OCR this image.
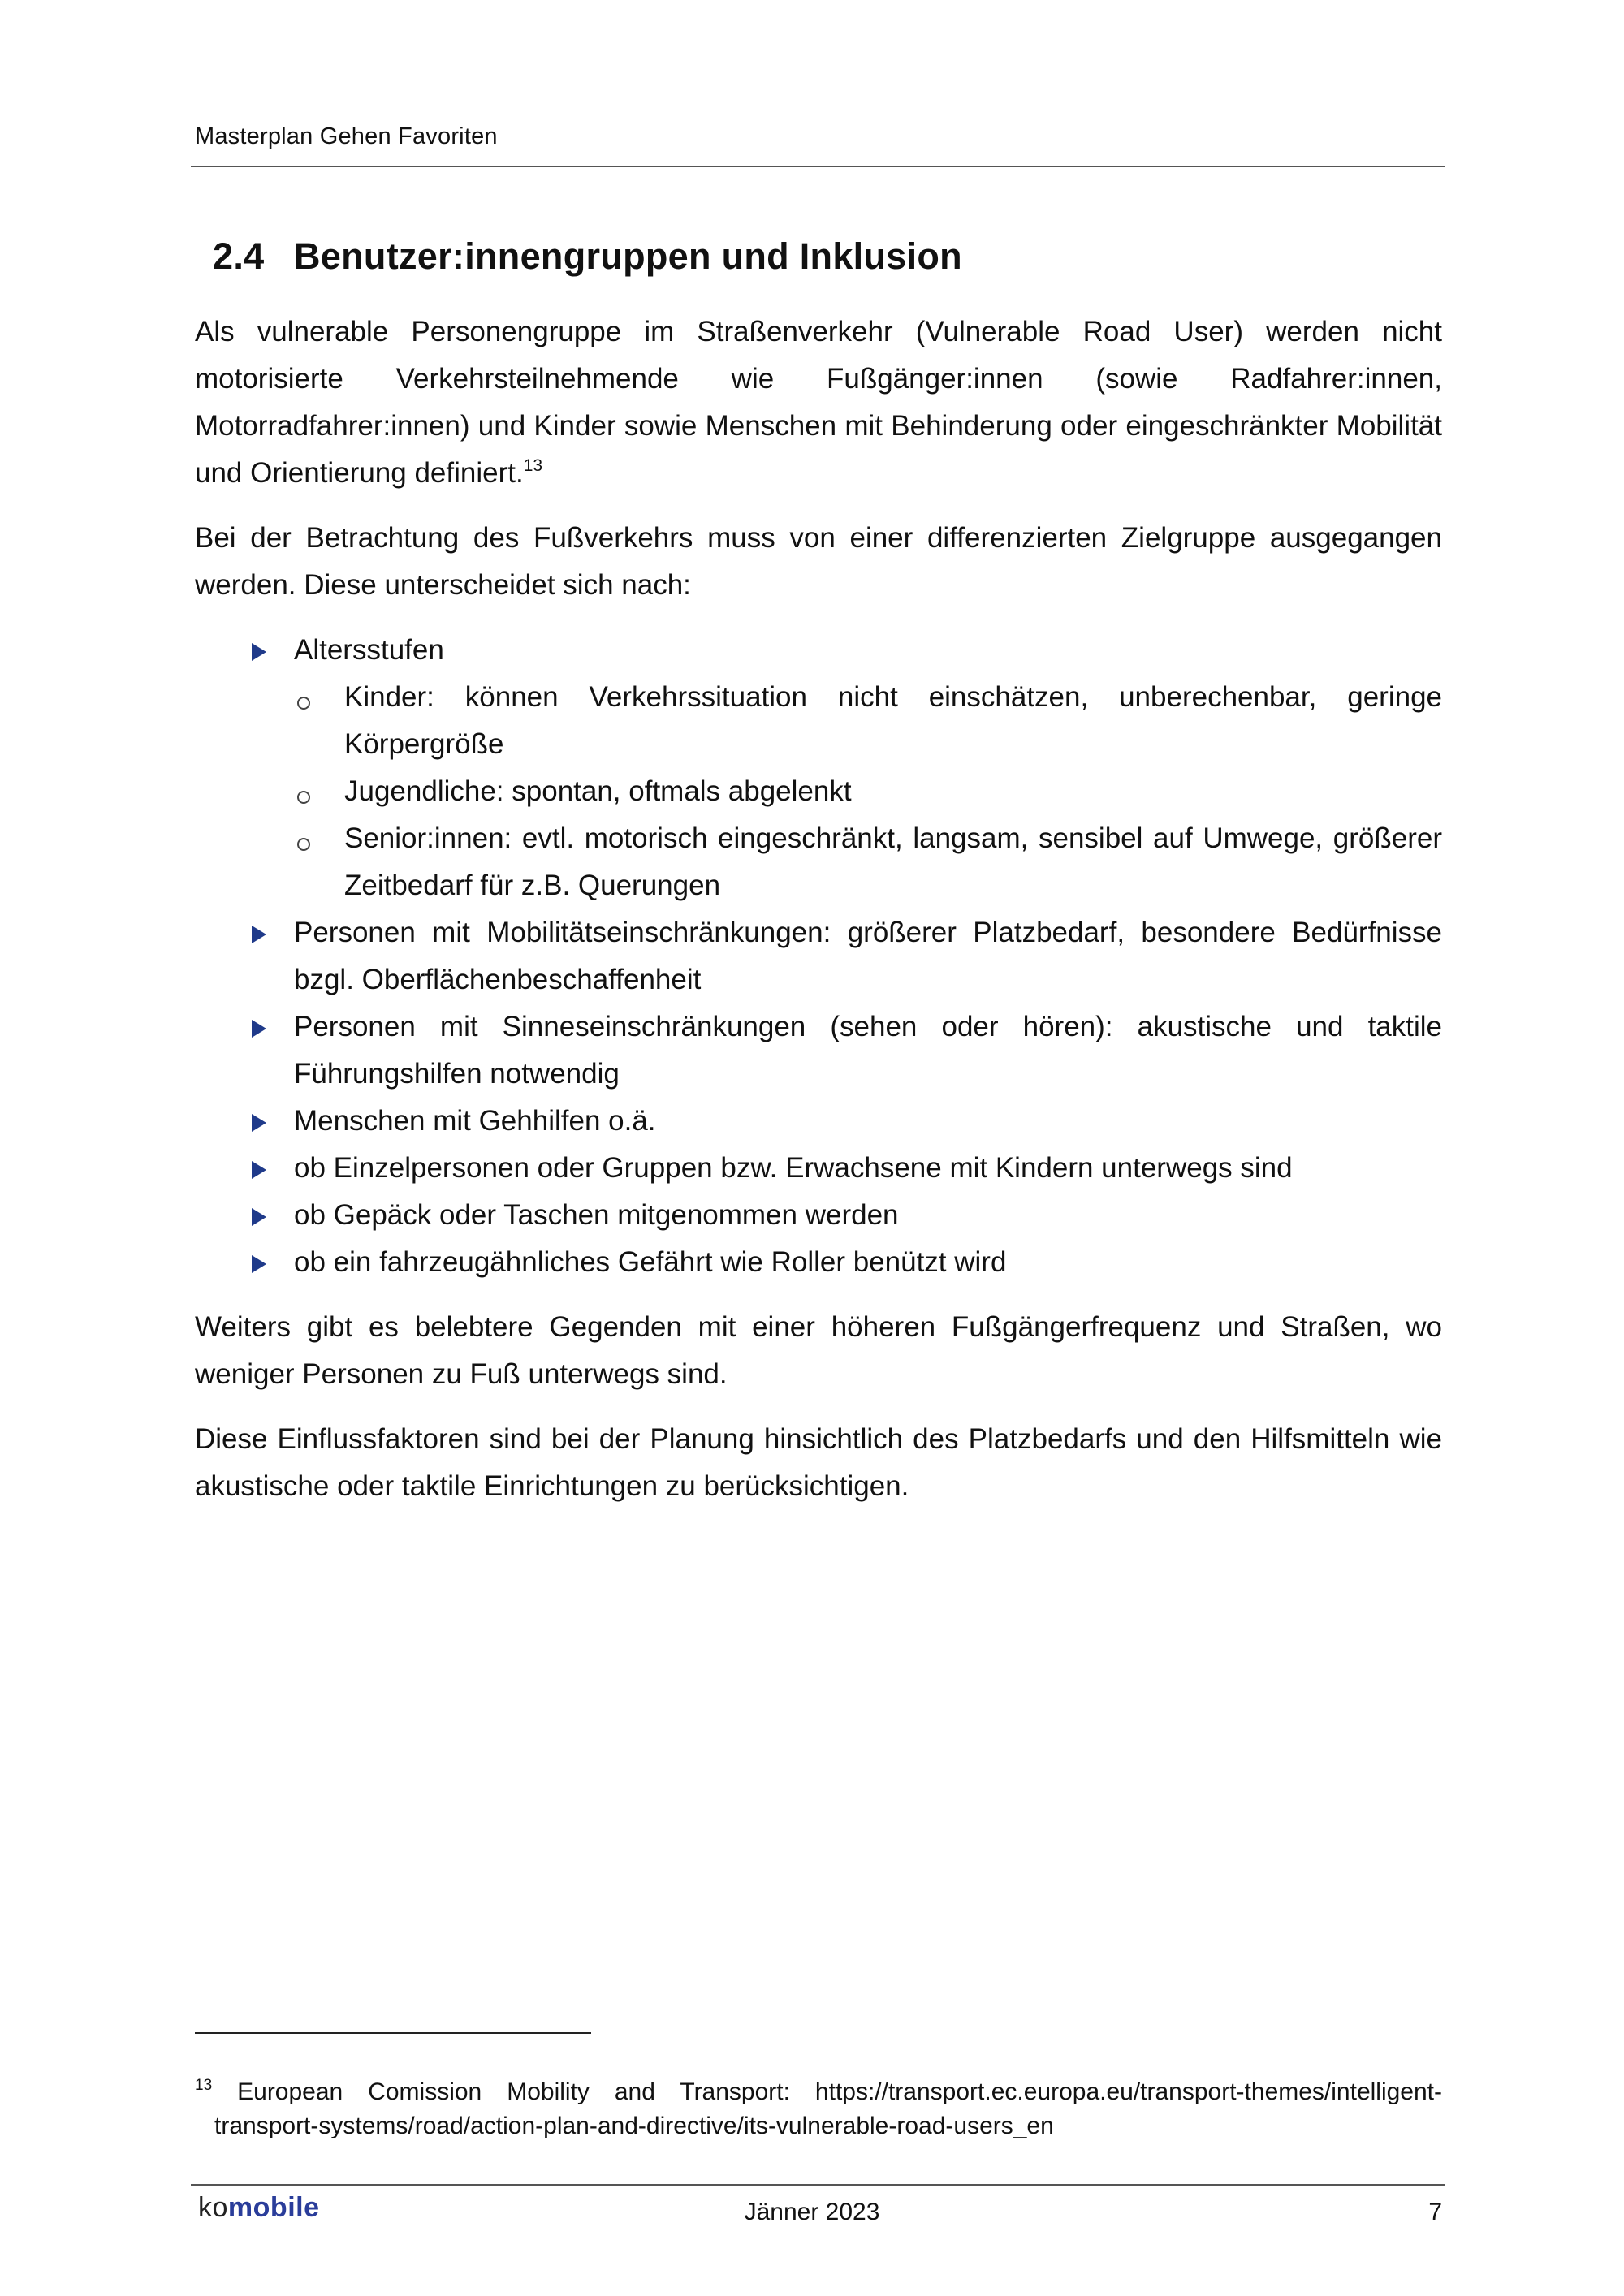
Masterplan Gehen Favoriten
2.4 Benutzer:innengruppen und Inklusion

Als vulnerable Personengruppe im Straßenverkehr (Vulnerable Road User) werden nicht motorisierte Verkehrsteilnehmende wie Fußgänger:innen (sowie Radfahrer:innen, Motorradfahrer:innen) und Kinder sowie Menschen mit Behinderung oder eingeschränkter Mobilität und Orientierung definiert.$^{13}$

Bei der Betrachtung des Fußverkehrs muss von einer differenzierten Zielgruppe ausgegangen werden. Diese unterscheidet sich nach:

Altersstufen
Kinder: können Verkehrssituation nicht einschätzen, unberechenbar, geringe Körpergröße
Jugendliche: spontan, oftmals abgelenkt
Senior:innen: evtl. motorisch eingeschränkt, langsam, sensibel auf Umwege, größerer Zeitbedarf für z.B. Querungen
Personen mit Mobilitätseinschränkungen: größerer Platzbedarf, besondere Bedürfnisse bzgl. Oberflächenbeschaffenheit
Personen mit Sinneseinschränkungen (sehen oder hören): akustische und taktile Führungshilfen notwendig
Menschen mit Gehhilfen o.ä.
ob Einzelpersonen oder Gruppen bzw. Erwachsene mit Kindern unterwegs sind
ob Gepäck oder Taschen mitgenommen werden
ob ein fahrzeugähnliches Gefährt wie Roller benützt wird

Weiters gibt es belebtere Gegenden mit einer höheren Fußgängerfrequenz und Straßen, wo weniger Personen zu Fuß unterwegs sind.

Diese Einflussfaktoren sind bei der Planung hinsichtlich des Platzbedarfs und den Hilfsmitteln wie akustische oder taktile Einrichtungen zu berücksichtigen.

$^{13}$ European Comission Mobility and Transport: https://transport.ec.europa.eu/transport-themes/intelligent-
transport-systems/road/action-plan-and-directive/its-vulnerable-road-users_en
komobile	Jänner 2023	7
